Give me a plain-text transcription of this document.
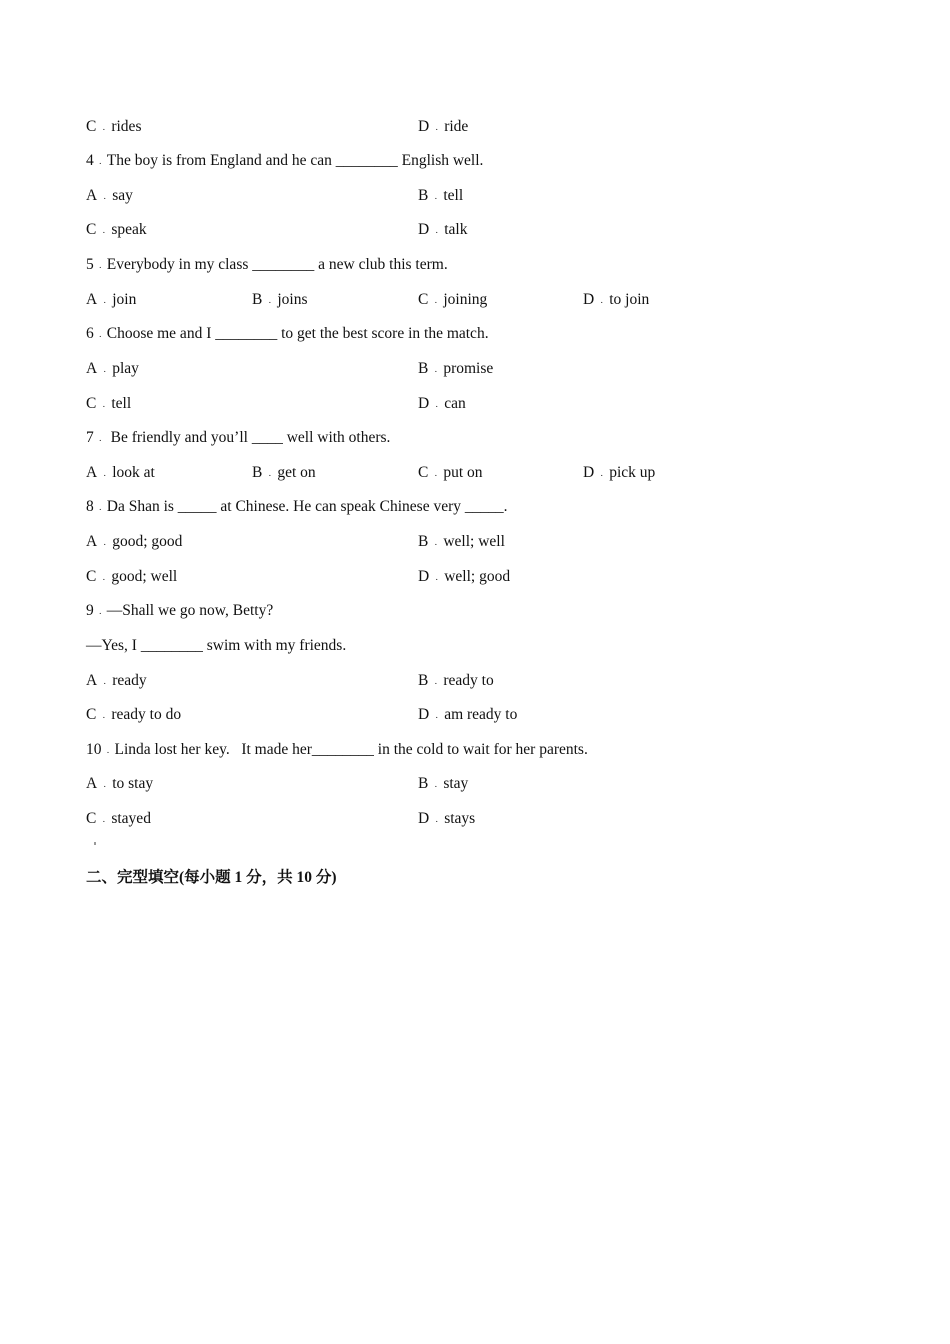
C . rides	D . ride
4 . The boy is from England and he can ________ English well.
A . say	B . tell
C . speak	D . talk
5 . Everybody in my class ________ a new club this term.
A . join	B . joins	C . joining	D . to join
6 . Choose me and I ________ to get the best score in the match.
A . play	B . promise
C . tell	D . can
7 . Be friendly and you’ll ____ well with others.
A . look at	B . get on	C . put on	D . pick up
8 . Da Shan is _____ at Chinese. He can speak Chinese very _____.
A . good; good	B . well; well
C . good; well	D . well; good
9 . —Shall we go now, Betty?
—Yes, I ________ swim with my friends.
A . ready	B . ready to
C . ready to do	D . am ready to
10 . Linda lost her key.   It made her________ in the cold to wait for her parents.
A . to stay	B . stay
C . stayed	D . stays
二、完型填空(每小题 1 分，共 10 分)
